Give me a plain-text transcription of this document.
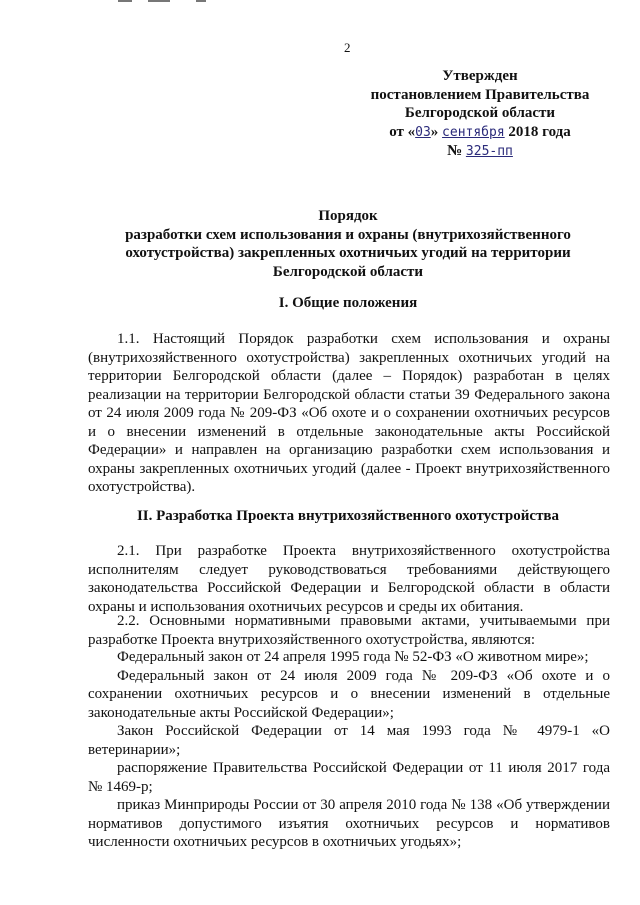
2
Утвержден
постановлением Правительства
Белгородской области
от «03» сентября 2018 года
№ 325-пп
Порядок
разработки схем использования и охраны (внутрихозяйственного
охотустройства) закрепленных охотничьих угодий на территории
Белгородской области
I. Общие положения
1.1. Настоящий Порядок разработки схем использования и охраны (внутрихозяйственного охотустройства) закрепленных охотничьих угодий на территории Белгородской области (далее – Порядок) разработан в целях реализации на территории Белгородской области статьи 39 Федерального закона от 24 июля 2009 года № 209-ФЗ «Об охоте и о сохранении охотничьих ресурсов и о внесении изменений в отдельные законодательные акты Российской Федерации» и направлен на организацию разработки схем использования и охраны закрепленных охотничьих угодий (далее - Проект внутрихозяйственного охотустройства).
II. Разработка Проекта внутрихозяйственного охотустройства
2.1. При разработке Проекта внутрихозяйственного охотустройства исполнителям следует руководствоваться требованиями действующего законодательства Российской Федерации и Белгородской области в области охраны и использования охотничьих ресурсов и среды их обитания.
2.2. Основными нормативными правовыми актами, учитываемыми при разработке Проекта внутрихозяйственного охотустройства, являются:
Федеральный закон от 24 апреля 1995 года № 52-ФЗ «О животном мире»;
Федеральный закон от 24 июля 2009 года № 209-ФЗ «Об охоте и о сохранении охотничьих ресурсов и о внесении изменений в отдельные законодательные акты Российской Федерации»;
Закон Российской Федерации от 14 мая 1993 года № 4979-1 «О ветеринарии»;
распоряжение Правительства Российской Федерации от 11 июля 2017 года № 1469-р;
приказ Минприроды России от 30 апреля 2010 года № 138 «Об утверждении нормативов допустимого изъятия охотничьих ресурсов и нормативов численности охотничьих ресурсов в охотничьих угодьях»;
